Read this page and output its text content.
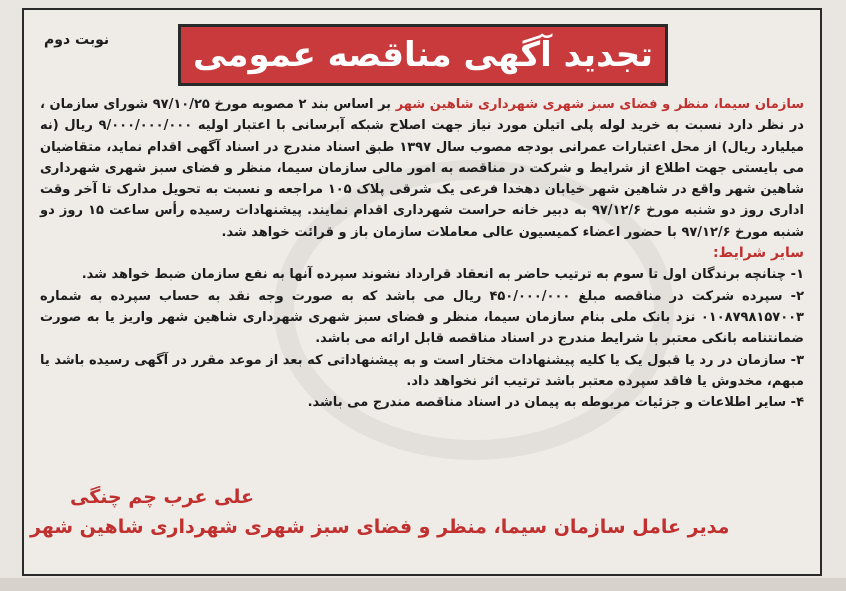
نوبت دوم تجدید آگهی مناقصه عمومی

سازمان سیما، منظر و فضای سبز شهری شهرداری شاهین شهر بر اساس بند ۲ مصوبه مورخ ۹۷/۱۰/۲۵ شورای سازمان ، در نظر دارد نسبت به خرید لوله پلی اتیلن مورد نیاز جهت اصلاح شبکه آبرسانی با اعتبار اولیه ۹/۰۰۰/۰۰۰/۰۰۰ ریال (نه میلیارد ریال) از محل اعتبارات عمرانی بودجه مصوب سال ۱۳۹۷ طبق اسناد مندرج در اسناد آگهی اقدام نماید، متقاضیان می بایستی جهت اطلاع از شرایط و شرکت در مناقصه به امور مالی سازمان سیما، منظر و فضای سبز شهری شهرداری شاهین شهر واقع در شاهین شهر خیابان دهخدا فرعی یک شرقی پلاک ۱۰۵ مراجعه و نسبت به تحویل مدارک تا آخر وقت اداری روز دو شنبه مورخ ۹۷/۱۲/۶ به دبیر خانه حراست شهرداری اقدام نمایند. پیشنهادات رسیده رأس ساعت ۱۵ روز دو شنبه مورخ ۹۷/۱۲/۶ با حضور اعضاء کمیسیون عالی معاملات سازمان باز و قرائت خواهد شد.

سایر شرایط:

۱- چنانچه برندگان اول تا سوم به ترتیب حاضر به انعقاد قرارداد نشوند سپرده آنها به نفع سازمان ضبط خواهد شد.

۲- سپرده شرکت در مناقصه مبلغ ۴۵۰/۰۰۰/۰۰۰ ریال می باشد که به صورت وجه نقد به حساب سپرده به شماره ۰۱۰۸۷۹۸۱۵۷۰۰۳ نزد بانک ملی بنام سازمان سیما، منظر و فضای سبز شهری شهرداری شاهین شهر واریز یا به صورت ضمانتنامه بانکی معتبر با شرایط مندرج در اسناد مناقصه قابل ارائه می باشد.

۳- سازمان در رد یا قبول یک یا کلیه پیشنهادات مختار است و به پیشنهاداتی که بعد از موعد مقرر در آگهی رسیده باشد یا مبهم، مخدوش یا فاقد سپرده معتبر باشد ترتیب اثر نخواهد داد.

۴- سایر اطلاعات و جزئیات مربوطه به پیمان در اسناد مناقصه مندرج می باشد.

علی عرب چم چنگی
مدیر عامل سازمان سیما، منظر و فضای سبز شهری شهرداری شاهین شهر
